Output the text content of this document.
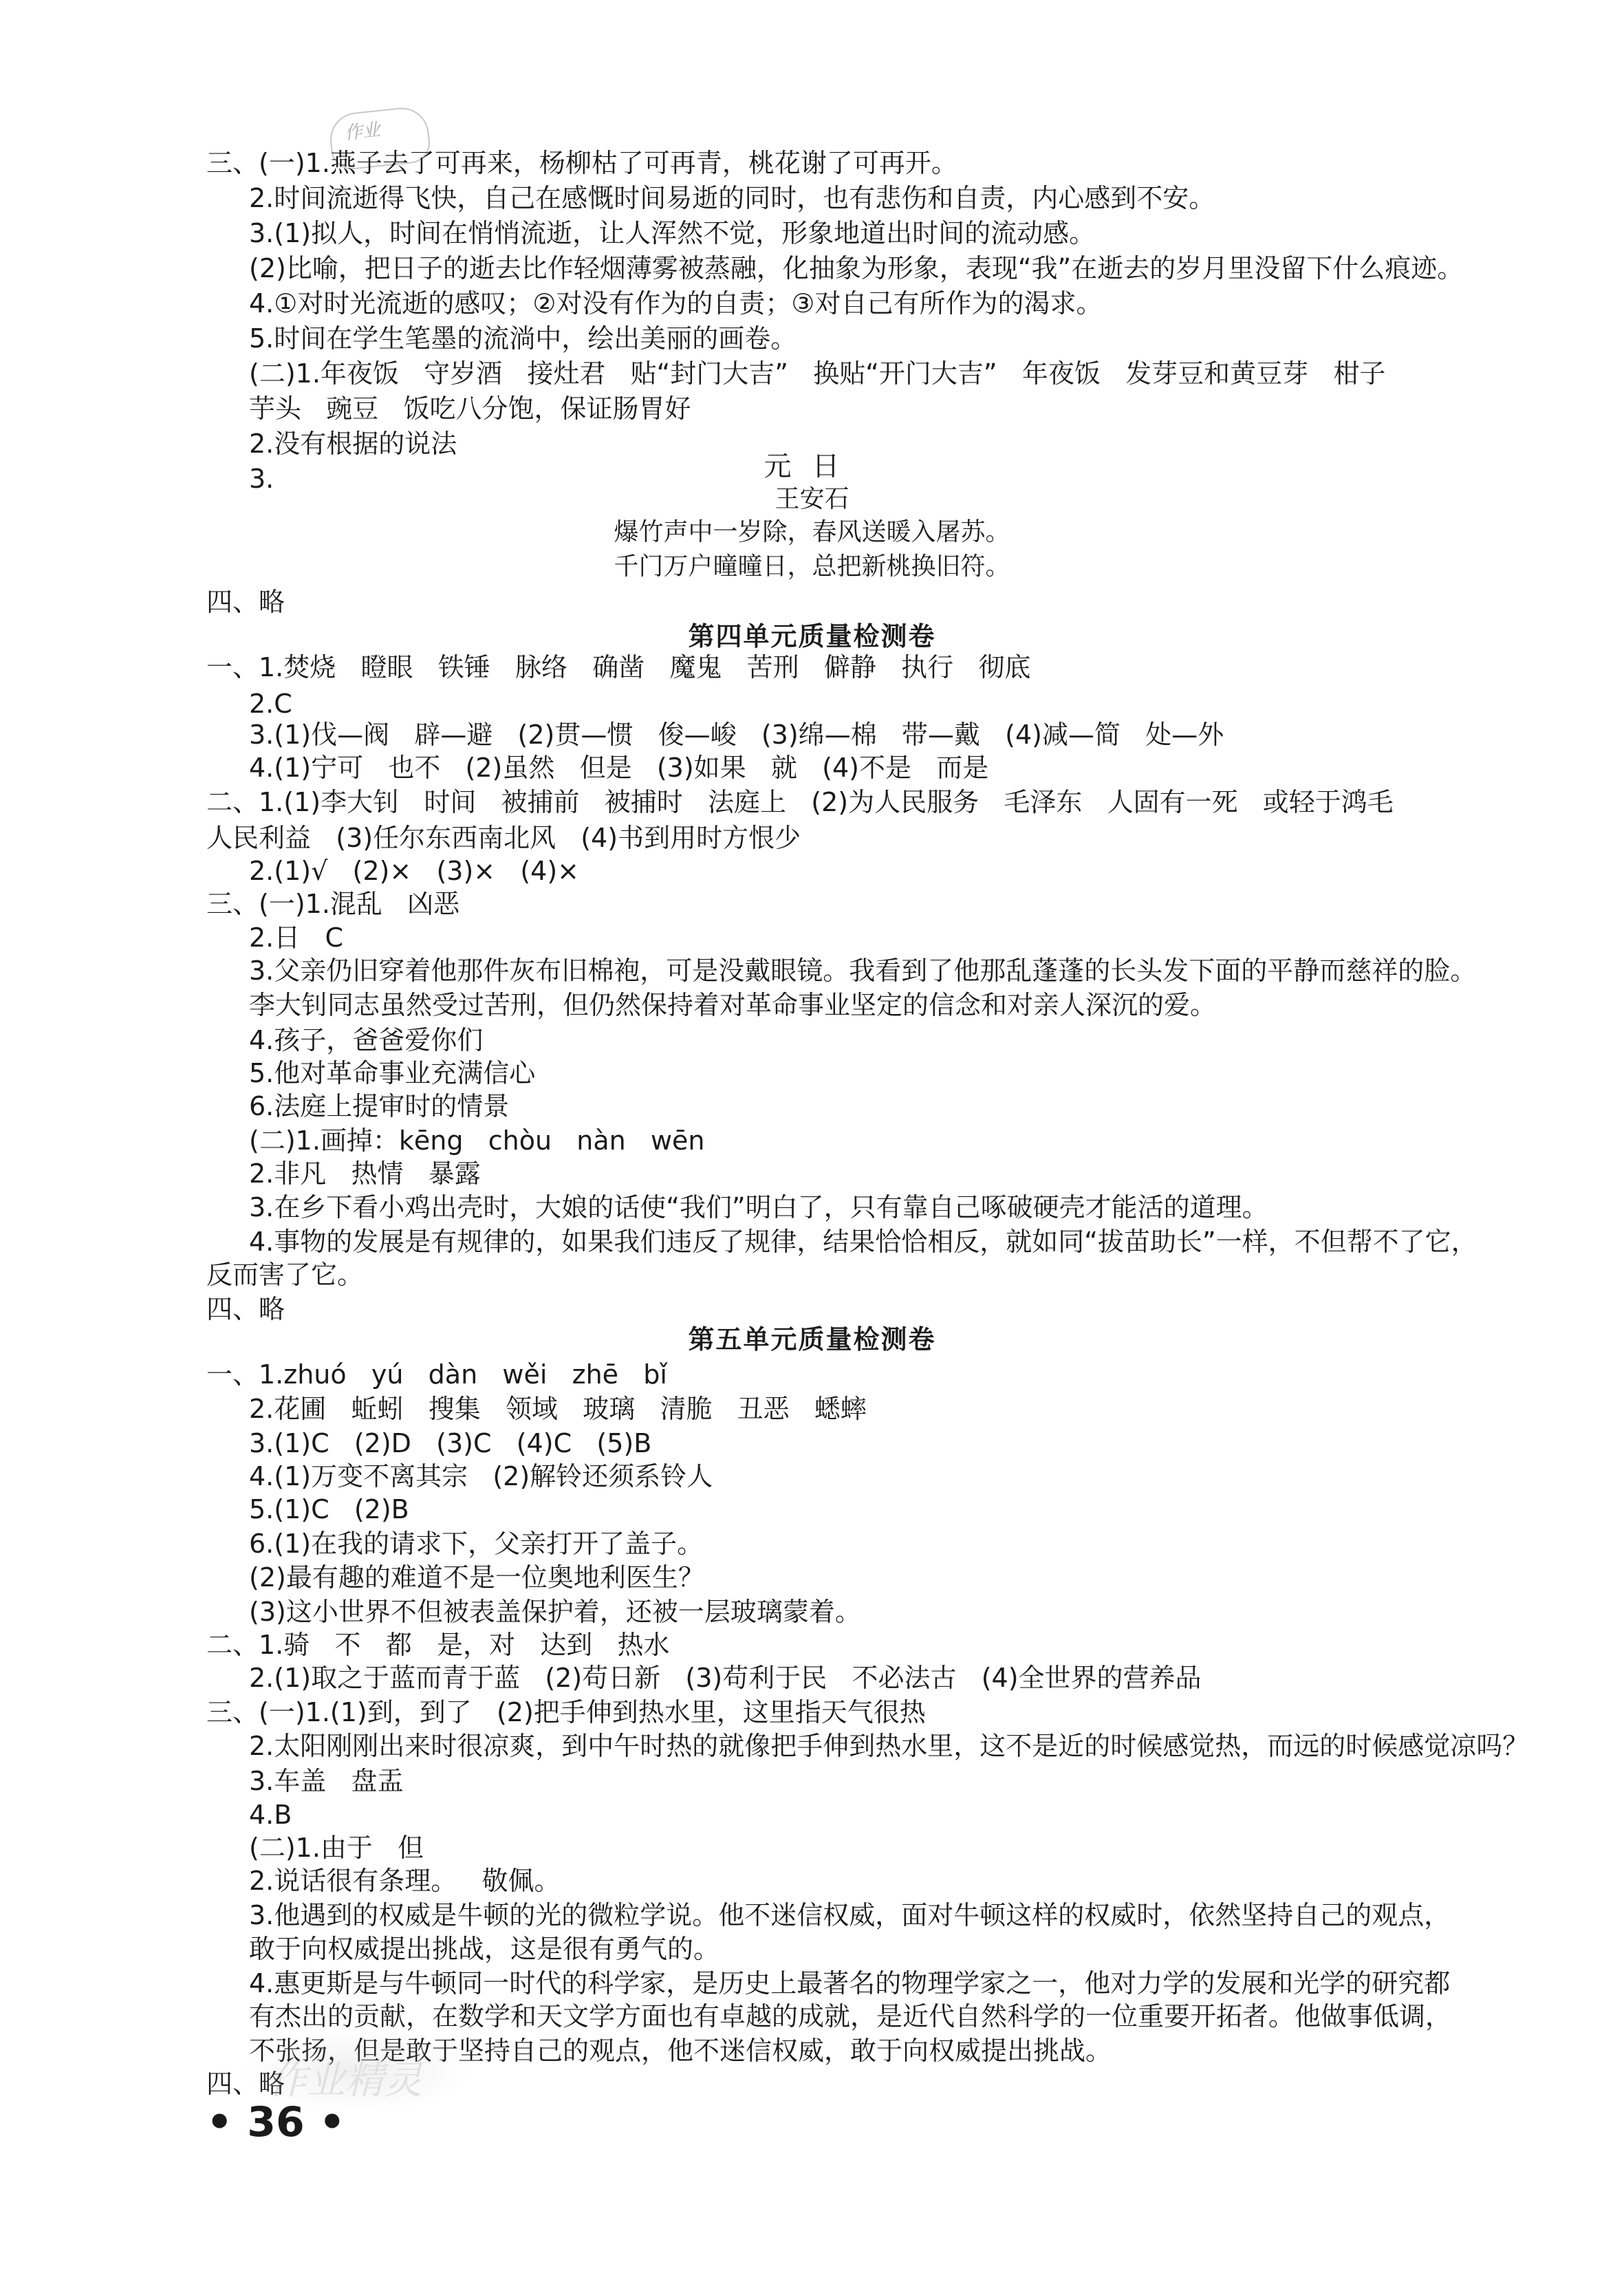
作业
三、(一)1.燕子去了可再来，杨柳枯了可再青，桃花谢了可再开。
2.时间流逝得飞快，自己在感慨时间易逝的同时，也有悲伤和自责，内心感到不安。
3.(1)拟人，时间在悄悄流逝，让人浑然不觉，形象地道出时间的流动感。
(2)比喻，把日子的逝去比作轻烟薄雾被蒸融，化抽象为形象，表现“我”在逝去的岁月里没留下什么痕迹。
4.①对时光流逝的感叹；②对没有作为的自责；③对自己有所作为的渴求。
5.时间在学生笔墨的流淌中，绘出美丽的画卷。
(二)1.年夜饭   守岁酒   接灶君   贴“封门大吉”   换贴“开门大吉”   年夜饭   发芽豆和黄豆芽   柑子
芋头   豌豆   饭吃八分饱，保证肠胃好
2.没有根据的说法
3.	元日
王安石
爆竹声中一岁除，春风送暖入屠苏。
千门万户曈曈日，总把新桃换旧符。
四、略
第四单元质量检测卷
一、1.焚烧   瞪眼   铁锤   脉络   确凿   魔鬼   苦刑   僻静   执行   彻底
2.C
3.(1)伐—阀   辟—避   (2)贯—惯   俊—峻   (3)绵—棉   带—戴   (4)减—简   处—外
4.(1)宁可   也不   (2)虽然   但是   (3)如果   就   (4)不是   而是
二、1.(1)李大钊   时间   被捕前   被捕时   法庭上   (2)为人民服务   毛泽东   人固有一死   或轻于鸿毛
人民利益   (3)任尔东西南北风   (4)书到用时方恨少
2.(1)√   (2)×   (3)×   (4)×
三、(一)1.混乱   凶恶
2.日   C
3.父亲仍旧穿着他那件灰布旧棉袍，可是没戴眼镜。我看到了他那乱蓬蓬的长头发下面的平静而慈祥的脸。
李大钊同志虽然受过苦刑，但仍然保持着对革命事业坚定的信念和对亲人深沉的爱。
4.孩子，爸爸爱你们
5.他对革命事业充满信心
6.法庭上提审时的情景
(二)1.画掉：kēng   chòu   nàn   wēn
2.非凡   热情   暴露
3.在乡下看小鸡出壳时，大娘的话使“我们”明白了，只有靠自己啄破硬壳才能活的道理。
4.事物的发展是有规律的，如果我们违反了规律，结果恰恰相反，就如同“拔苗助长”一样，不但帮不了它，
反而害了它。
四、略
第五单元质量检测卷
一、1.zhuó   yú   dàn   wěi   zhē   bǐ
2.花圃   蚯蚓   搜集   领域   玻璃   清脆   丑恶   蟋蟀
3.(1)C   (2)D   (3)C   (4)C   (5)B
4.(1)万变不离其宗   (2)解铃还须系铃人
5.(1)C   (2)B
6.(1)在我的请求下，父亲打开了盖子。
(2)最有趣的难道不是一位奥地利医生？
(3)这小世界不但被表盖保护着，还被一层玻璃蒙着。
二、1.骑   不   都   是，对   达到   热水
2.(1)取之于蓝而青于蓝   (2)苟日新   (3)苟利于民   不必法古   (4)全世界的营养品
三、(一)1.(1)到，到了   (2)把手伸到热水里，这里指天气很热
2.太阳刚刚出来时很凉爽，到中午时热的就像把手伸到热水里，这不是近的时候感觉热，而远的时候感觉凉吗？
3.车盖   盘盂
4.B
(二)1.由于   但
2.说话很有条理。   敬佩。
3.他遇到的权威是牛顿的光的微粒学说。他不迷信权威，面对牛顿这样的权威时，依然坚持自己的观点，
敢于向权威提出挑战，这是很有勇气的。
4.惠更斯是与牛顿同一时代的科学家，是历史上最著名的物理学家之一，他对力学的发展和光学的研究都
有杰出的贡献，在数学和天文学方面也有卓越的成就，是近代自然科学的一位重要开拓者。他做事低调，
不张扬，但是敢于坚持自己的观点，他不迷信权威，敢于向权威提出挑战。
四、略
作业精灵
• 36 •
